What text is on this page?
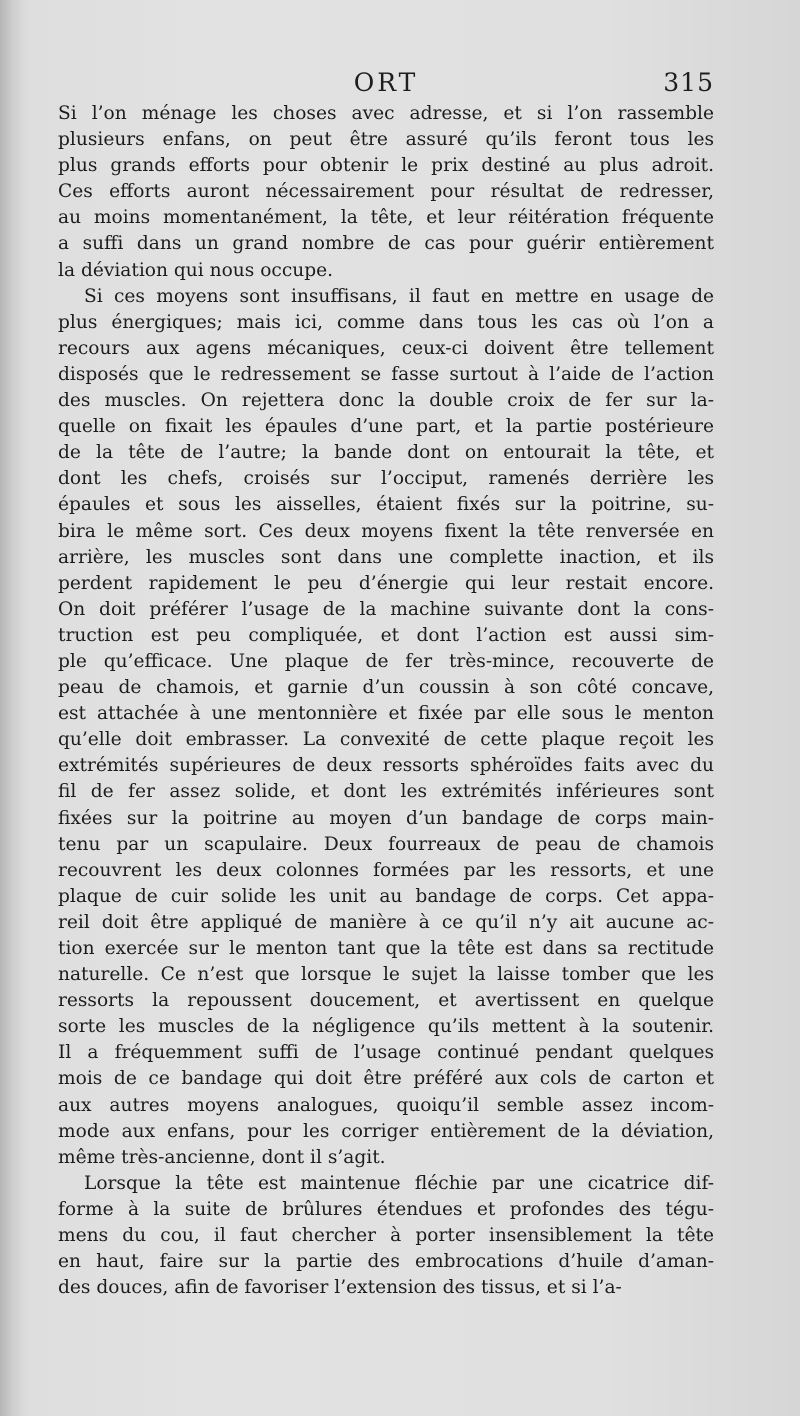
ORT	315
Si l’on ménage les choses avec adresse, et si l’on rassemble
plusieurs enfans, on peut être assuré qu’ils feront tous les
plus grands efforts pour obtenir le prix destiné au plus adroit.
Ces efforts auront nécessairement pour résultat de redresser,
au moins momentanément, la tête, et leur réitération fréquente
a suffi dans un grand nombre de cas pour guérir entièrement
la déviation qui nous occupe.
Si ces moyens sont insuffisans, il faut en mettre en usage de
plus énergiques; mais ici, comme dans tous les cas où l’on a
recours aux agens mécaniques, ceux-ci doivent être tellement
disposés que le redressement se fasse surtout à l’aide de l’action
des muscles. On rejettera donc la double croix de fer sur la-
quelle on fixait les épaules d’une part, et la partie postérieure
de la tête de l’autre; la bande dont on entourait la tête, et
dont les chefs, croisés sur l’occiput, ramenés derrière les
épaules et sous les aisselles, étaient fixés sur la poitrine, su-
bira le même sort. Ces deux moyens fixent la tête renversée en
arrière, les muscles sont dans une complette inaction, et ils
perdent rapidement le peu d’énergie qui leur restait encore.
On doit préférer l’usage de la machine suivante dont la cons-
truction est peu compliquée, et dont l’action est aussi sim-
ple qu’efficace. Une plaque de fer très-mince, recouverte de
peau de chamois, et garnie d’un coussin à son côté concave,
est attachée à une mentonnière et fixée par elle sous le menton
qu’elle doit embrasser. La convexité de cette plaque reçoit les
extrémités supérieures de deux ressorts sphéroïdes faits avec du
fil de fer assez solide, et dont les extrémités inférieures sont
fixées sur la poitrine au moyen d’un bandage de corps main-
tenu par un scapulaire. Deux fourreaux de peau de chamois
recouvrent les deux colonnes formées par les ressorts, et une
plaque de cuir solide les unit au bandage de corps. Cet appa-
reil doit être appliqué de manière à ce qu’il n’y ait aucune ac-
tion exercée sur le menton tant que la tête est dans sa rectitude
naturelle. Ce n’est que lorsque le sujet la laisse tomber que les
ressorts la repoussent doucement, et avertissent en quelque
sorte les muscles de la négligence qu’ils mettent à la soutenir.
Il a fréquemment suffi de l’usage continué pendant quelques
mois de ce bandage qui doit être préféré aux cols de carton et
aux autres moyens analogues, quoiqu’il semble assez incom-
mode aux enfans, pour les corriger entièrement de la déviation,
même très-ancienne, dont il s’agit.
Lorsque la tête est maintenue fléchie par une cicatrice dif-
forme à la suite de brûlures étendues et profondes des tégu-
mens du cou, il faut chercher à porter insensiblement la tête
en haut, faire sur la partie des embrocations d’huile d’aman-
des douces, afin de favoriser l’extension des tissus, et si l’a-
